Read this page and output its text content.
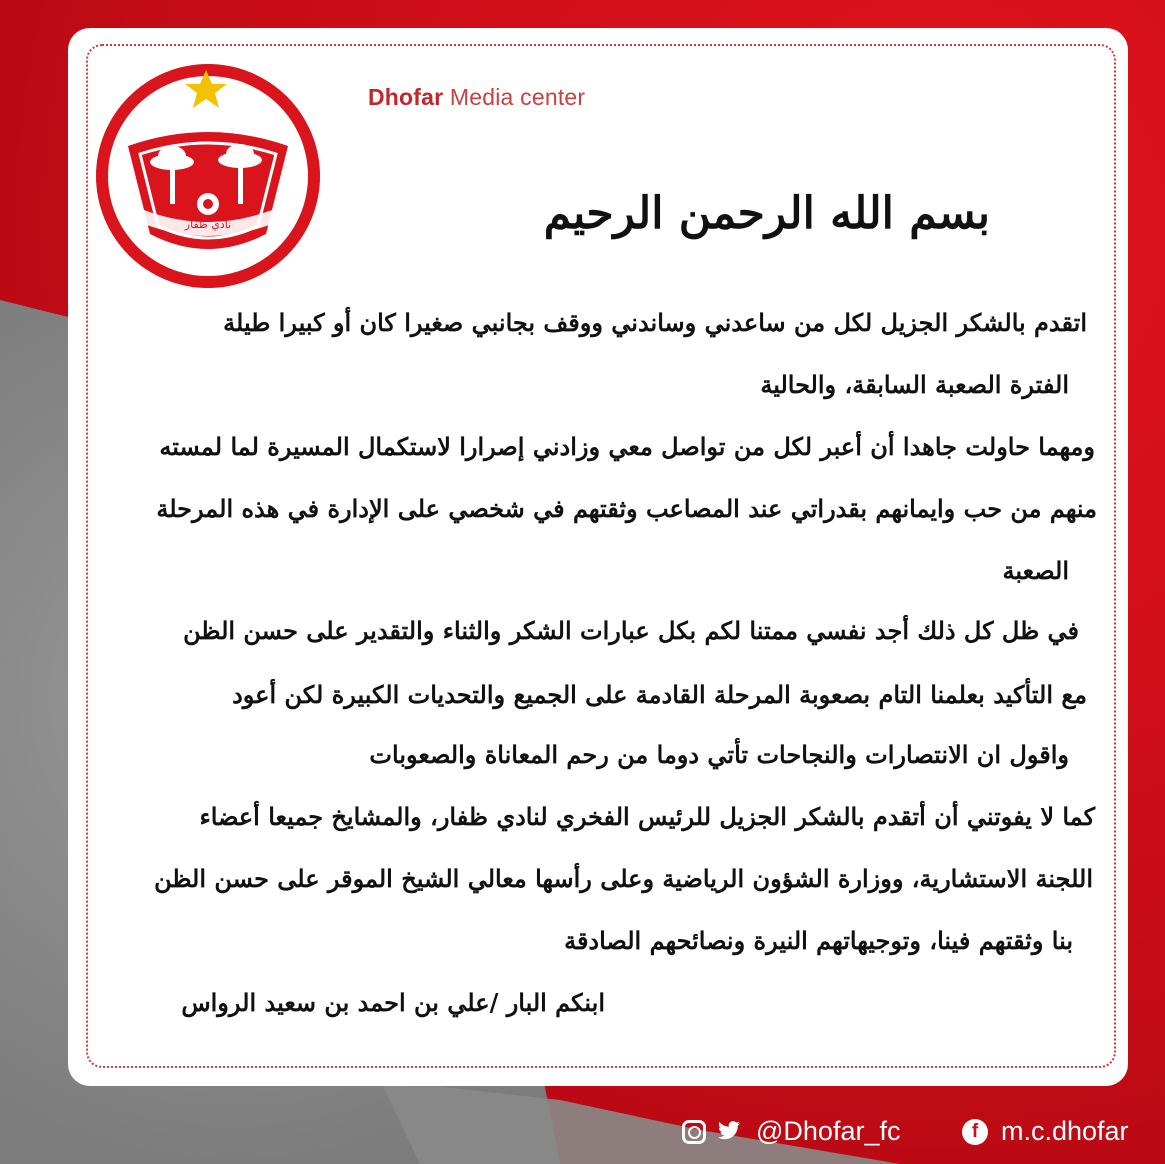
نادي ظفار
Dhofar Media center
بسم الله الرحمن الرحيم
اتقدم بالشكر الجزيل لكل من ساعدني وساندني ووقف بجانبي صغيرا كان أو كبيرا طيلة
الفترة الصعبة السابقة، والحالية
ومهما حاولت جاهدا أن أعبر لكل من تواصل معي وزادني إصرارا لاستكمال المسيرة لما لمسته
منهم من حب وايمانهم بقدراتي عند المصاعب وثقتهم في شخصي على الإدارة في هذه المرحلة
الصعبة
في ظل كل ذلك أجد نفسي ممتنا لكم بكل عبارات الشكر والثناء والتقدير على حسن الظن
مع التأكيد بعلمنا التام بصعوبة المرحلة القادمة على الجميع والتحديات الكبيرة لكن أعود
واقول ان الانتصارات والنجاحات تأتي دوما من رحم المعاناة والصعوبات
كما لا يفوتني أن أتقدم بالشكر الجزيل للرئيس الفخري لنادي ظفار، والمشايخ جميعا أعضاء
اللجنة الاستشارية، ووزارة الشؤون الرياضية وعلى رأسها معالي الشيخ الموقر على حسن الظن
بنا وثقتهم فينا، وتوجيهاتهم النيرة ونصائحهم الصادقة
ابنكم البار /علي بن احمد بن سعيد الرواس
@Dhofar_fc	f m.c.dhofar
